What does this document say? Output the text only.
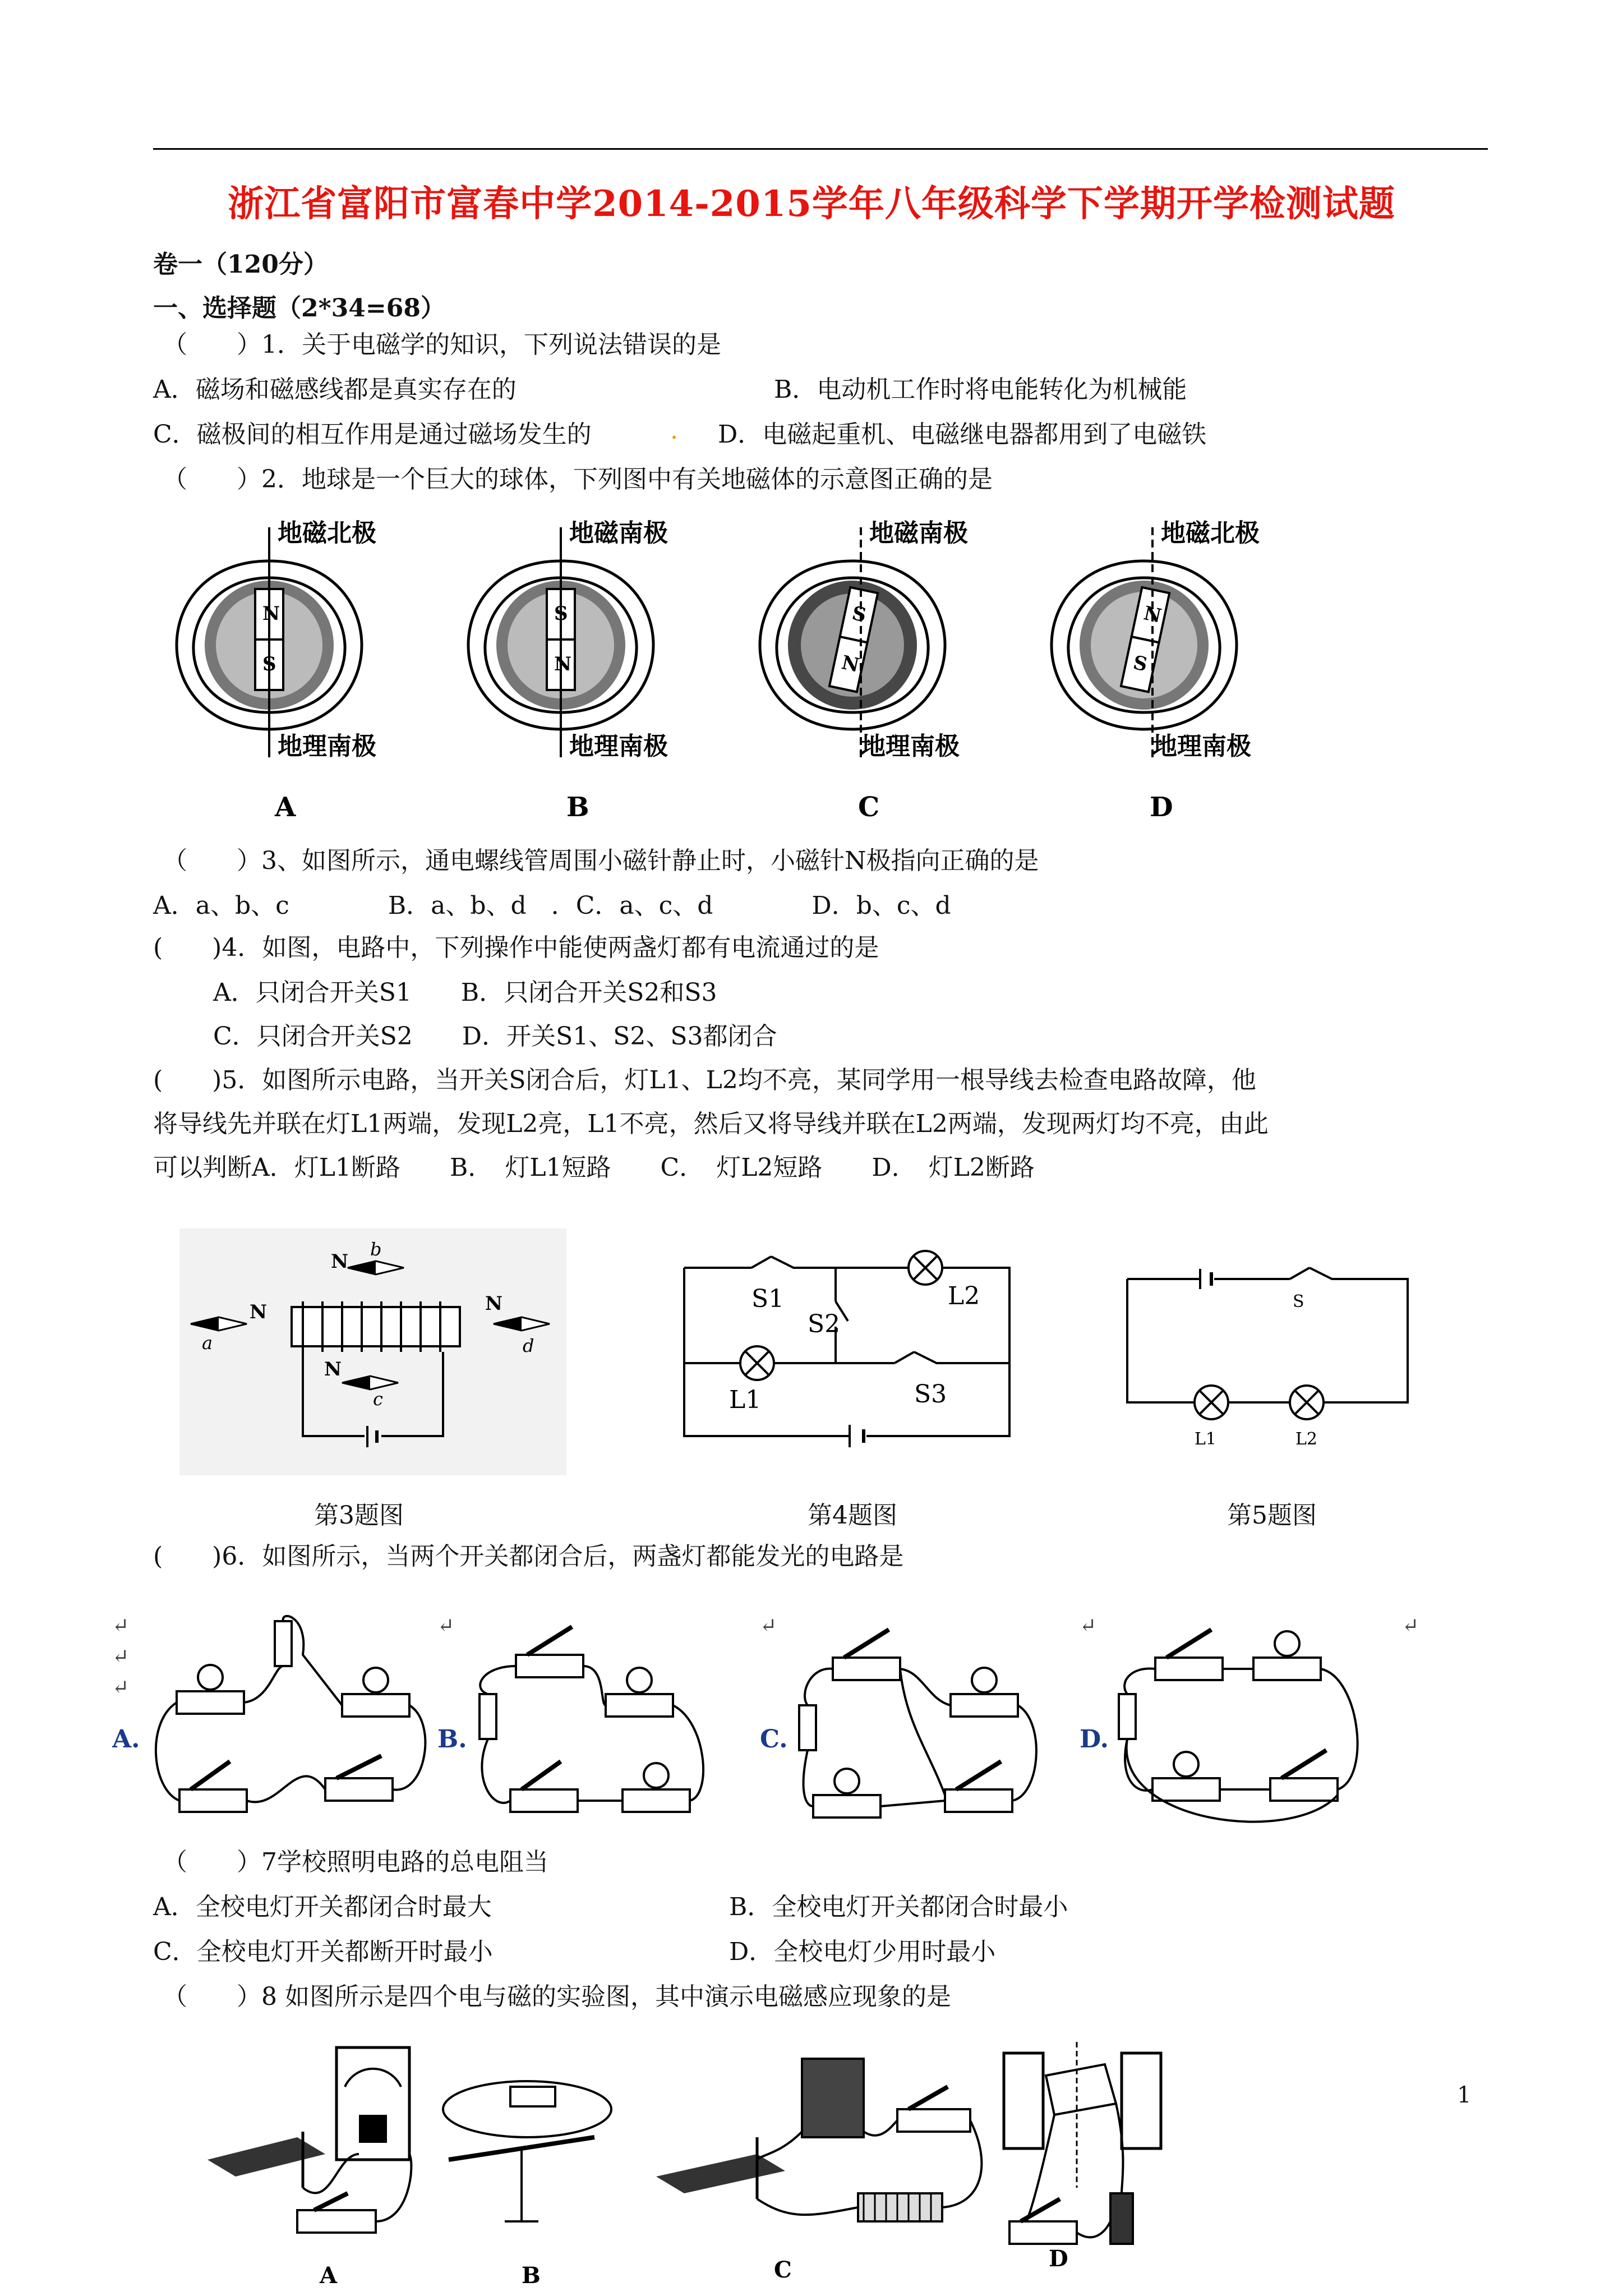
浙江省富阳市富春中学2014-2015学年八年级科学下学期开学检测试题
卷一（120分）
一、选择题（2*34=68）
（　　）1．关于电磁学的知识，下列说法错误的是
A．磁场和磁感线都是真实存在的	B．电动机工作时将电能转化为机械能
C．磁极间的相互作用是通过磁场发生的	. D．电磁起重机、电磁继电器都用到了电磁铁
（　　）2．地球是一个巨大的球体，下列图中有关地磁体的示意图正确的是
N
S
地磁北极
地理南极
A
S
N
地磁南极
地理南极
B
S
N
地磁南极
地理南极
C
N
S
地磁北极
地理南极
D
（　　）3、如图所示，通电螺线管周围小磁针静止时，小磁针N极指向正确的是
A．a、b、c　　　　B．a、b、d　．C．a、c、d　　　　D．b、c、d
(　　)4．如图，电路中，下列操作中能使两盏灯都有电流通过的是
A．只闭合开关S1　　B．只闭合开关S2和S3
C．只闭合开关S2　　D．开关S1、S2、S3都闭合
(　　)5．如图所示电路，当开关S闭合后，灯L1、L2均不亮，某同学用一根导线去检查电路故障，他
将导线先并联在灯L1两端，发现L2亮，L1不亮，然后又将导线并联在L2两端，发现两灯均不亮，由此
可以判断A．灯L1断路　　B．　灯L1短路　　C．　灯L2短路　　D．　灯L2断路
N
a
N
b
N
d
N
c
S1
S2
S3
L1
L2	S
L1	L2
第3题图	第4题图	第5题图
(　　)6．如图所示，当两个开关都闭合后，两盏灯都能发光的电路是
↵
↵
↵
↵	↵	↵	↵
A.	B.	C.	D.
（　　）7学校照明电路的总电阻当
A．全校电灯开关都闭合时最大	B．全校电灯开关都闭合时最小
C．全校电灯开关都断开时最小	D．全校电灯少用时最小
（　　）8 如图所示是四个电与磁的实验图，其中演示电磁感应现象的是
A	B	C	D
1
